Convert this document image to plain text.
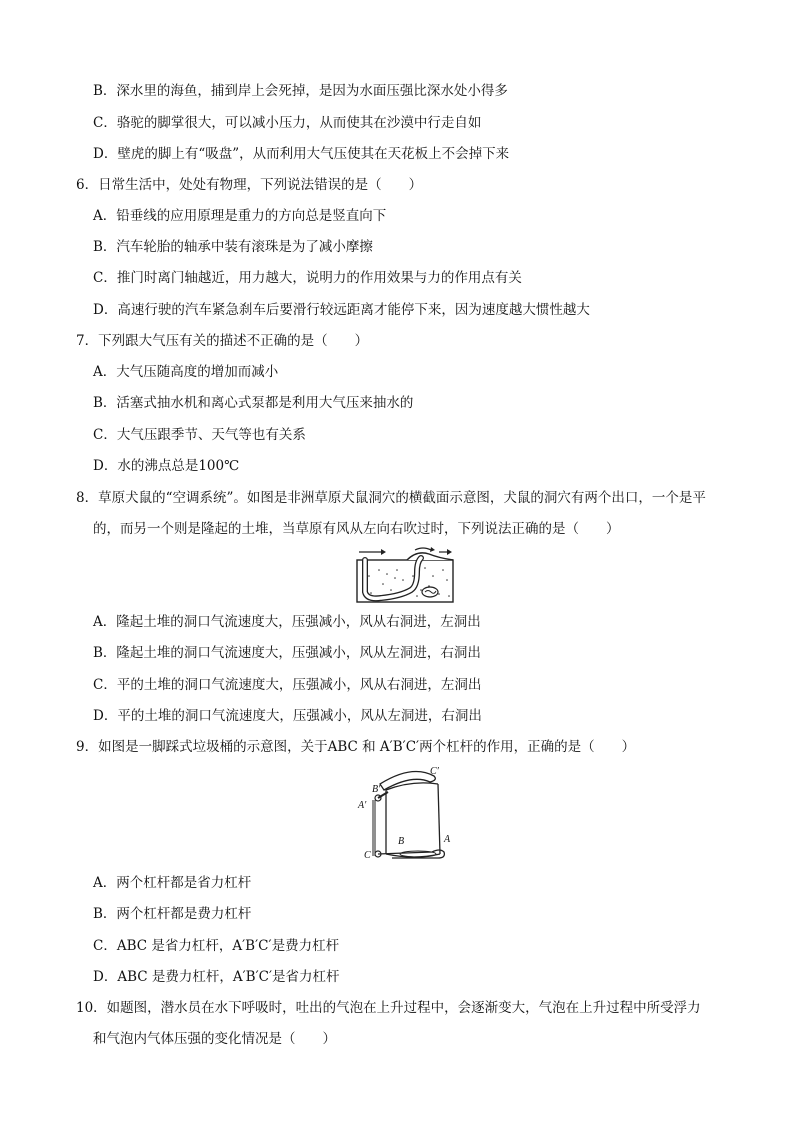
B．深水里的海鱼，捕到岸上会死掉，是因为水面压强比深水处小得多
C．骆驼的脚掌很大，可以减小压力，从而使其在沙漠中行走自如
D．壁虎的脚上有“吸盘”，从而利用大气压使其在天花板上不会掉下来
6．日常生活中，处处有物理，下列说法错误的是（　　）
A．铅垂线的应用原理是重力的方向总是竖直向下
B．汽车轮胎的轴承中装有滚珠是为了减小摩擦
C．推门时离门轴越近，用力越大，说明力的作用效果与力的作用点有关
D．高速行驶的汽车紧急刹车后要滑行较远距离才能停下来，因为速度越大惯性越大
7．下列跟大气压有关的描述不正确的是（　　）
A．大气压随高度的增加而减小
B．活塞式抽水机和离心式泵都是利用大气压来抽水的
C．大气压跟季节、天气等也有关系
D．水的沸点总是100℃
8．草原犬鼠的“空调系统”。如图是非洲草原犬鼠洞穴的横截面示意图，犬鼠的洞穴有两个出口，一个是平
的，而另一个则是隆起的土堆，当草原有风从左向右吹过时，下列说法正确的是（　　）
A．隆起土堆的洞口气流速度大，压强减小，风从右洞进，左洞出
B．隆起土堆的洞口气流速度大，压强减小，风从左洞进，右洞出
C．平的土堆的洞口气流速度大，压强减小，风从右洞进，左洞出
D．平的土堆的洞口气流速度大，压强减小，风从左洞进，右洞出
9．如图是一脚踩式垃圾桶的示意图，关于ABC 和 A′B′C′两个杠杆的作用，正确的是（　　）
C′
B′
A′
B	A
C
A．两个杠杆都是省力杠杆
B．两个杠杆都是费力杠杆
C．ABC 是省力杠杆，A′B′C′是费力杠杆
D．ABC 是费力杠杆，A′B′C′是省力杠杆
10．如题图，潜水员在水下呼吸时，吐出的气泡在上升过程中，会逐渐变大，气泡在上升过程中所受浮力
和气泡内气体压强的变化情况是（　　）
